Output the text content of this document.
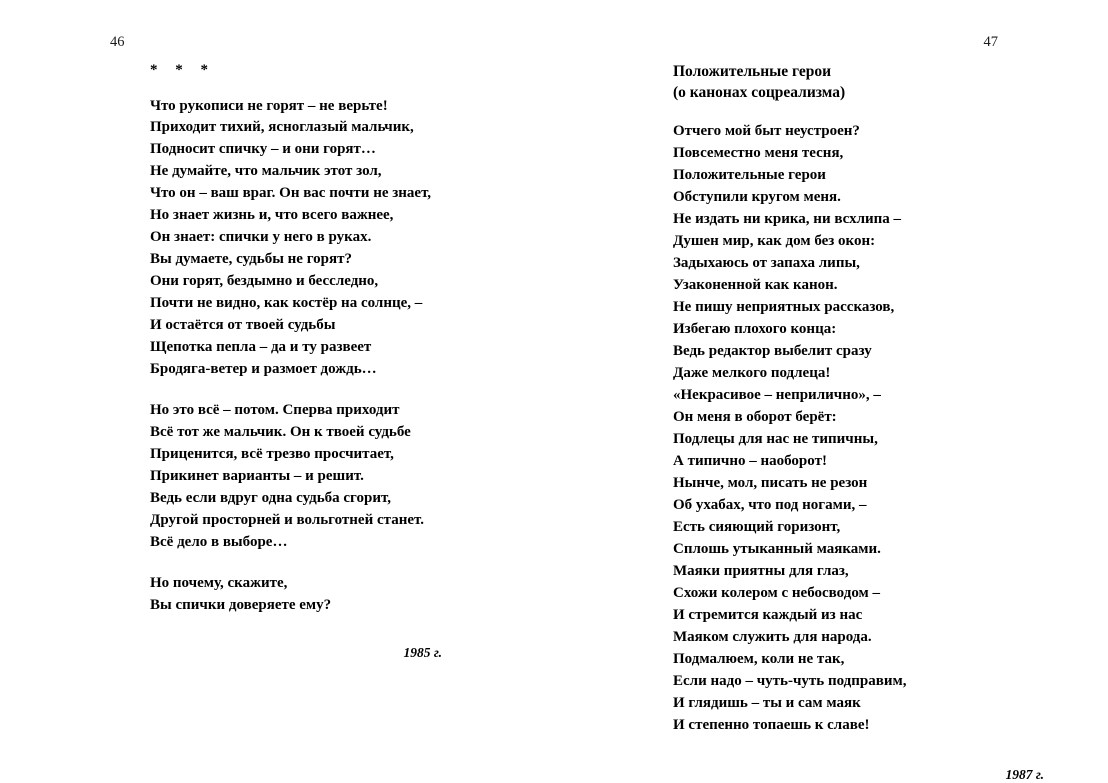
46
* * *
Что рукописи не горят – не верьте!
Приходит тихий, ясноглазый мальчик,
Подносит спичку – и они горят…
Не думайте, что мальчик этот зол,
Что он – ваш враг. Он вас почти не знает,
Но знает жизнь и, что всего важнее,
Он знает: спички у него в руках.
Вы думаете, судьбы не горят?
Они горят, бездымно и бесследно,
Почти не видно, как костёр на солнце, –
И остаётся от твоей судьбы
Щепотка пепла – да и ту развеет
Бродяга-ветер и размоет дождь…
Но это всё – потом. Сперва приходит
Всё тот же мальчик. Он к твоей судьбе
Приценится, всё трезво просчитает,
Прикинет варианты – и решит.
Ведь если вдруг одна судьба сгорит,
Другой просторней и вольготней станет.
Всё дело в выборе…
Но почему, скажите,
Вы спички доверяете ему?
1985 г.
47
Положительные герои
(о канонах соцреализма)
Отчего мой быт неустроен?
Повсеместно меня тесня,
Положительные герои
Обступили кругом меня.
Не издать ни крика, ни всхлипа –
Душен мир, как дом без окон:
Задыхаюсь от запаха липы,
Узаконенной как канон.
Не пишу неприятных рассказов,
Избегаю плохого конца:
Ведь редактор выбелит сразу
Даже мелкого подлеца!
«Некрасивое – неприлично», –
Он меня в оборот берёт:
Подлецы для нас не типичны,
А типично – наоборот!
Нынче, мол, писать не резон
Об ухабах, что под ногами, –
Есть сияющий горизонт,
Сплошь утыканный маяками.
Маяки приятны для глаз,
Схожи колером с небосводом –
И стремится каждый из нас
Маяком служить для народа.
Подмалюем, коли не так,
Если надо – чуть-чуть подправим,
И глядишь – ты и сам маяк
И степенно топаешь к славе!
1987 г.
